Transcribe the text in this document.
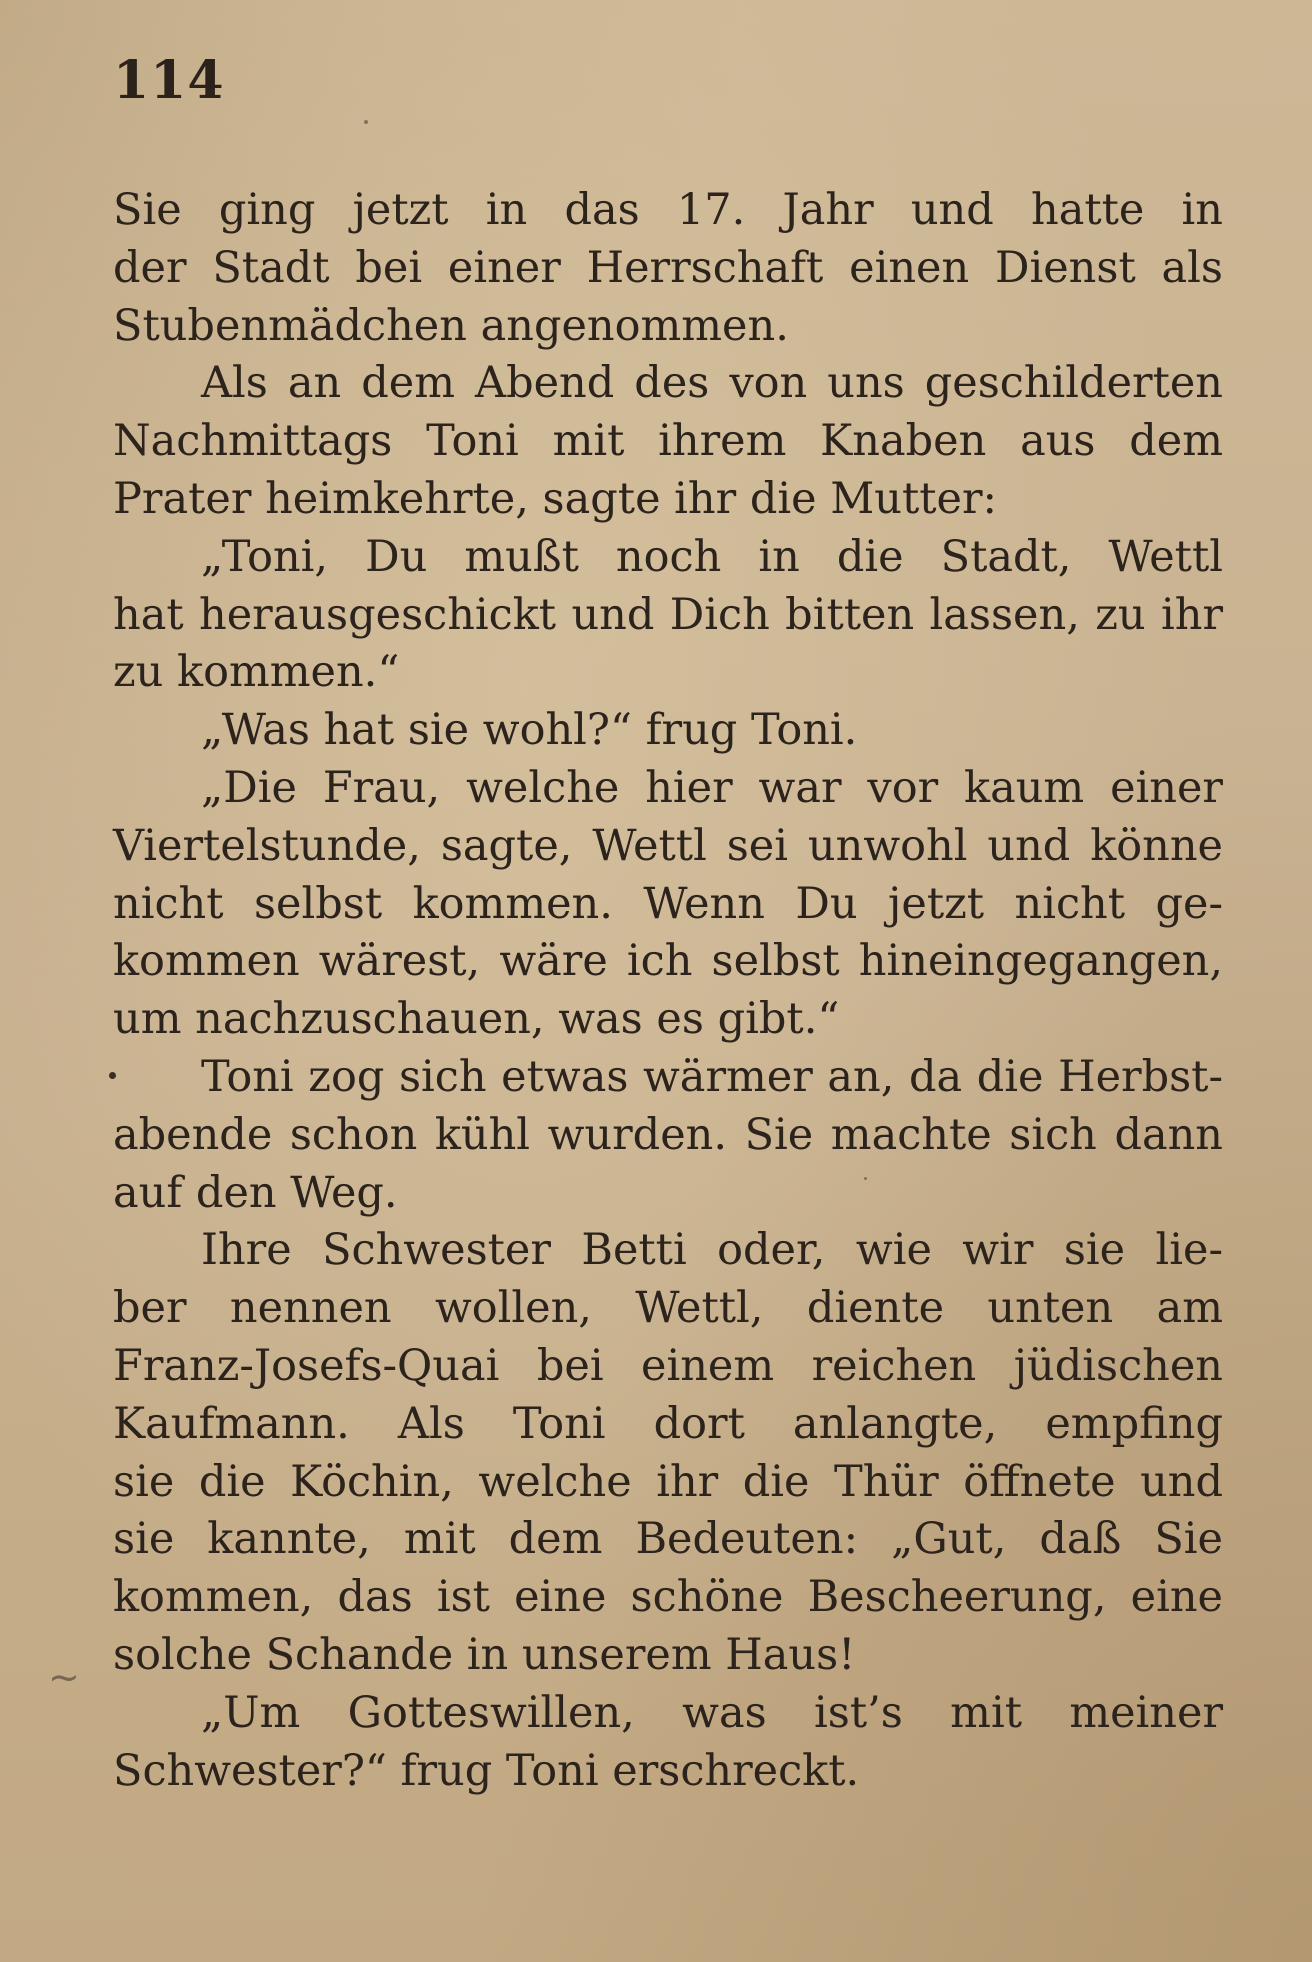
114
Sie ging jetzt in das 17. Jahr und hatte in
der Stadt bei einer Herrschaft einen Dienst als
Stubenmädchen angenommen.
Als an dem Abend des von uns geschilderten
Nachmittags Toni mit ihrem Knaben aus dem
Prater heimkehrte, sagte ihr die Mutter:
„Toni, Du mußt noch in die Stadt, Wettl
hat herausgeschickt und Dich bitten lassen, zu ihr
zu kommen.“
„Was hat sie wohl?“ frug Toni.
„Die Frau, welche hier war vor kaum einer
Viertelstunde, sagte, Wettl sei unwohl und könne
nicht selbst kommen. Wenn Du jetzt nicht ge-
kommen wärest, wäre ich selbst hineingegangen,
um nachzuschauen, was es gibt.“
Toni zog sich etwas wärmer an, da die Herbst-
abende schon kühl wurden. Sie machte sich dann
auf den Weg.
Ihre Schwester Betti oder, wie wir sie lie-
ber nennen wollen, Wettl, diente unten am
Franz-Josefs-Quai bei einem reichen jüdischen
Kaufmann. Als Toni dort anlangte, empfing
sie die Köchin, welche ihr die Thür öffnete und
sie kannte, mit dem Bedeuten: „Gut, daß Sie
kommen, das ist eine schöne Bescheerung, eine
solche Schande in unserem Haus!
„Um Gotteswillen, was ist’s mit meiner
Schwester?“ frug Toni erschreckt.
~
